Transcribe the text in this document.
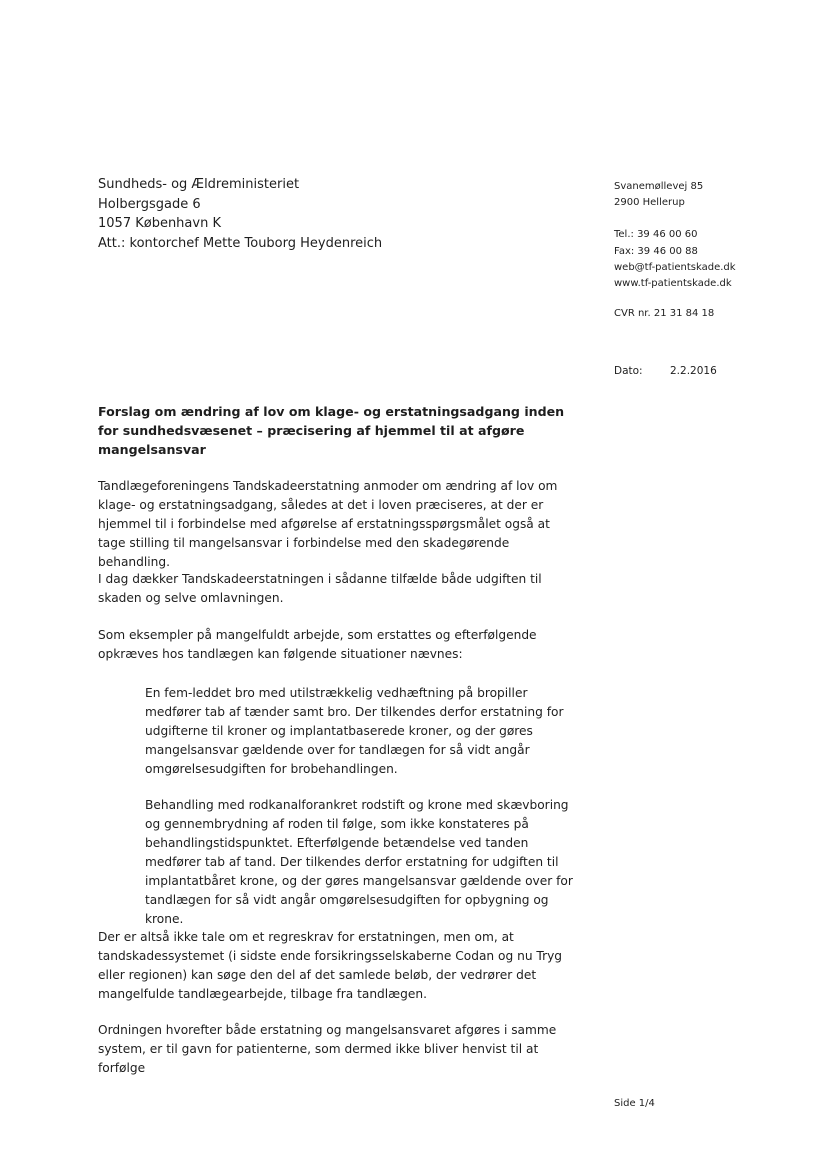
Sundheds- og Ældreministeriet
Holbergsgade 6
1057 København K
Att.: kontorchef Mette Touborg Heydenreich
Svanemøllevej 85
2900 Hellerup
Tel.: 39 46 00 60
Fax: 39 46 00 88
web@tf-patientskade.dk
www.tf-patientskade.dk
CVR nr. 21 31 84 18
Dato:	2.2.2016
Forslag om ændring af lov om klage- og erstatningsadgang inden for sundhedsvæsenet – præcisering af hjemmel til at afgøre mangelsansvar
Tandlægeforeningens Tandskadeerstatning anmoder om ændring af lov om klage- og erstatningsadgang, således at det i loven præciseres, at der er hjemmel til i forbindelse med afgørelse af erstatningsspørgsmålet også at tage stilling til mangelsansvar i forbindelse med den skadegørende behandling.
I dag dækker Tandskadeerstatningen i sådanne tilfælde både udgiften til skaden og selve omlavningen.
Som eksempler på mangelfuldt arbejde, som erstattes og efterfølgende opkræves hos tandlægen kan følgende situationer nævnes:
En fem-leddet bro med utilstrækkelig vedhæftning på bropiller medfører tab af tænder samt bro. Der tilkendes derfor erstatning for udgifterne til kroner og implantatbaserede kroner, og der gøres mangelsansvar gældende over for tandlægen for så vidt angår omgørelsesudgiften for brobehandlingen.
Behandling med rodkanalforankret rodstift og krone med skævboring og gennembrydning af roden til følge, som ikke konstateres på behandlingstidspunktet. Efterfølgende betændelse ved tanden medfører tab af tand. Der tilkendes derfor erstatning for udgiften til implantatbåret krone, og der gøres mangelsansvar gældende over for tandlægen for så vidt angår omgørelsesudgiften for opbygning og krone.
Der er altså ikke tale om et regreskrav for erstatningen, men om, at tandskadessystemet (i sidste ende forsikringsselskaberne Codan og nu Tryg eller regionen) kan søge den del af det samlede beløb, der vedrører det mangelfulde tandlægearbejde, tilbage fra tandlægen.
Ordningen hvorefter både erstatning og mangelsansvaret afgøres i samme system, er til gavn for patienterne, som dermed ikke bliver henvist til at forfølge
Side 1/4
